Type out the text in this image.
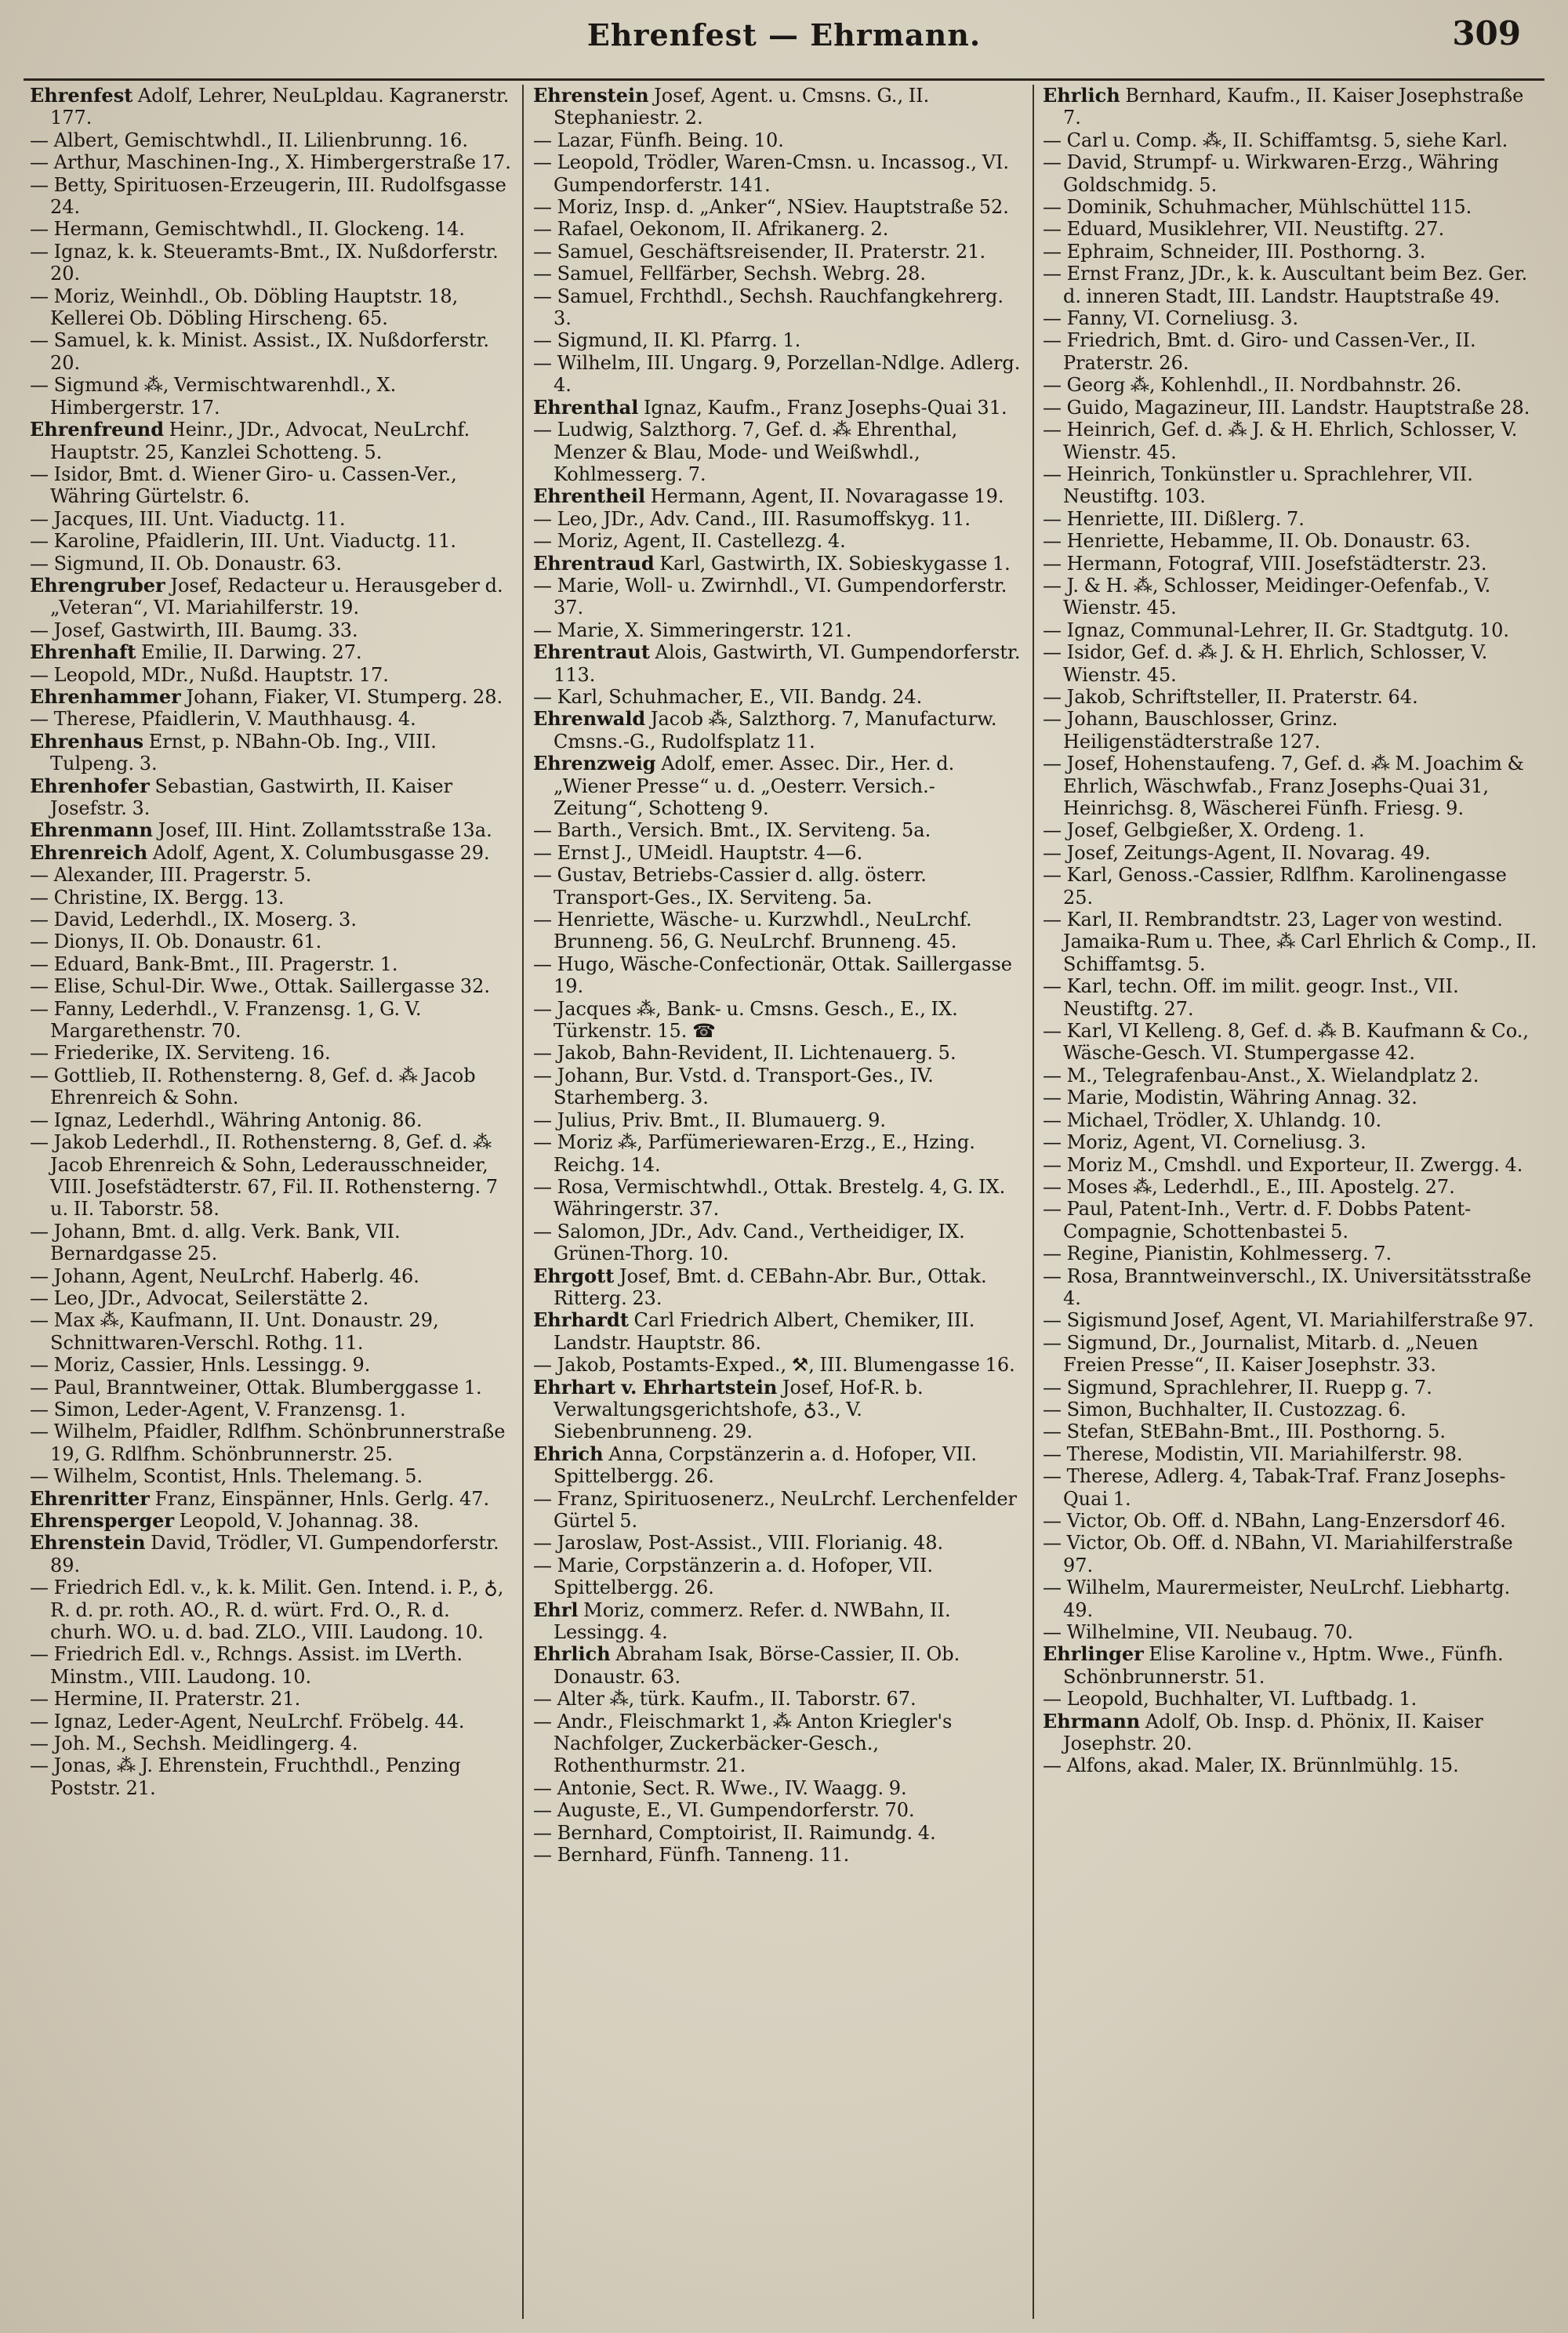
Ehrenfest — Ehrmann.	309

Ehrenfest Adolf, Lehrer, NeuLpldau. Kagranerstr. 177.

— Albert, Gemischtwhdl., II. Lilienbrunng. 16.

— Arthur, Maschinen-Ing., X. Himbergerstraße 17.

— Betty, Spirituosen-Erzeugerin, III. Rudolfsgasse 24.

— Hermann, Gemischtwhdl., II. Glockeng. 14.

— Ignaz, k. k. Steueramts-Bmt., IX. Nußdorferstr. 20.

— Moriz, Weinhdl., Ob. Döbling Hauptstr. 18, Kellerei Ob. Döbling Hirscheng. 65.

— Samuel, k. k. Minist. Assist., IX. Nußdorferstr. 20.

— Sigmund ⁂, Vermischtwarenhdl., X. Himbergerstr. 17.

Ehrenfreund Heinr., JDr., Advocat, NeuLrchf. Hauptstr. 25, Kanzlei Schotteng. 5.

— Isidor, Bmt. d. Wiener Giro- u. Cassen-Ver., Währing Gürtelstr. 6.

— Jacques, III. Unt. Viaductg. 11.

— Karoline, Pfaidlerin, III. Unt. Viaductg. 11.

— Sigmund, II. Ob. Donaustr. 63.

Ehrengruber Josef, Redacteur u. Herausgeber d. „Veteran“, VI. Mariahilferstr. 19.

— Josef, Gastwirth, III. Baumg. 33.

Ehrenhaft Emilie, II. Darwing. 27.

— Leopold, MDr., Nußd. Hauptstr. 17.

Ehrenhammer Johann, Fiaker, VI. Stumperg. 28.

— Therese, Pfaidlerin, V. Mauthhausg. 4.

Ehrenhaus Ernst, p. NBahn-Ob. Ing., VIII. Tulpeng. 3.

Ehrenhofer Sebastian, Gastwirth, II. Kaiser Josefstr. 3.

Ehrenmann Josef, III. Hint. Zollamtsstraße 13a.

Ehrenreich Adolf, Agent, X. Columbusgasse 29.

— Alexander, III. Pragerstr. 5.

— Christine, IX. Bergg. 13.

— David, Lederhdl., IX. Moserg. 3.

— Dionys, II. Ob. Donaustr. 61.

— Eduard, Bank-Bmt., III. Pragerstr. 1.

— Elise, Schul-Dir. Wwe., Ottak. Saillergasse 32.

— Fanny, Lederhdl., V. Franzensg. 1, G. V. Margarethenstr. 70.

— Friederike, IX. Serviteng. 16.

— Gottlieb, II. Rothensterng. 8, Gef. d. ⁂ Jacob Ehrenreich & Sohn.

— Ignaz, Lederhdl., Währing Antonig. 86.

— Jakob Lederhdl., II. Rothensterng. 8, Gef. d. ⁂ Jacob Ehrenreich & Sohn, Lederausschneider, VIII. Josefstädterstr. 67, Fil. II. Rothensterng. 7 u. II. Taborstr. 58.

— Johann, Bmt. d. allg. Verk. Bank, VII. Bernardgasse 25.

— Johann, Agent, NeuLrchf. Haberlg. 46.

— Leo, JDr., Advocat, Seilerstätte 2.

— Max ⁂, Kaufmann, II. Unt. Donaustr. 29, Schnittwaren-Verschl. Rothg. 11.

— Moriz, Cassier, Hnls. Lessingg. 9.

— Paul, Branntweiner, Ottak. Blumberggasse 1.

— Simon, Leder-Agent, V. Franzensg. 1.

— Wilhelm, Pfaidler, Rdlfhm. Schönbrunnerstraße 19, G. Rdlfhm. Schönbrunnerstr. 25.

— Wilhelm, Scontist, Hnls. Thelemang. 5.

Ehrenritter Franz, Einspänner, Hnls. Gerlg. 47.

Ehrensperger Leopold, V. Johannag. 38.

Ehrenstein David, Trödler, VI. Gumpendorferstr. 89.

— Friedrich Edl. v., k. k. Milit. Gen. Intend. i. P., ♁, R. d. pr. roth. AO., R. d. würt. Frd. O., R. d. churh. WO. u. d. bad. ZLO., VIII. Laudong. 10.

— Friedrich Edl. v., Rchngs. Assist. im LVerth. Minstm., VIII. Laudong. 10.

— Hermine, II. Praterstr. 21.

— Ignaz, Leder-Agent, NeuLrchf. Fröbelg. 44.

— Joh. M., Sechsh. Meidlingerg. 4.

— Jonas, ⁂ J. Ehrenstein, Fruchthdl., Penzing Poststr. 21.

Ehrenstein Josef, Agent. u. Cmsns. G., II. Stephaniestr. 2.

— Lazar, Fünfh. Being. 10.

— Leopold, Trödler, Waren-Cmsn. u. Incassog., VI. Gumpendorferstr. 141.

— Moriz, Insp. d. „Anker“, NSiev. Hauptstraße 52.

— Rafael, Oekonom, II. Afrikanerg. 2.

— Samuel, Geschäftsreisender, II. Praterstr. 21.

— Samuel, Fellfärber, Sechsh. Webrg. 28.

— Samuel, Frchthdl., Sechsh. Rauchfangkehrerg. 3.

— Sigmund, II. Kl. Pfarrg. 1.

— Wilhelm, III. Ungarg. 9, Porzellan-Ndlge. Adlerg. 4.

Ehrenthal Ignaz, Kaufm., Franz Josephs-Quai 31.

— Ludwig, Salzthorg. 7, Gef. d. ⁂ Ehrenthal, Menzer & Blau, Mode- und Weißwhdl., Kohlmesserg. 7.

Ehrentheil Hermann, Agent, II. Novaragasse 19.

— Leo, JDr., Adv. Cand., III. Rasumoffskyg. 11.

— Moriz, Agent, II. Castellezg. 4.

Ehrentraud Karl, Gastwirth, IX. Sobieskygasse 1.

— Marie, Woll- u. Zwirnhdl., VI. Gumpendorferstr. 37.

— Marie, X. Simmeringerstr. 121.

Ehrentraut Alois, Gastwirth, VI. Gumpendorferstr. 113.

— Karl, Schuhmacher, E., VII. Bandg. 24.

Ehrenwald Jacob ⁂, Salzthorg. 7, Manufacturw. Cmsns.-G., Rudolfsplatz 11.

Ehrenzweig Adolf, emer. Assec. Dir., Her. d. „Wiener Presse“ u. d. „Oesterr. Versich.-Zeitung“, Schotteng 9.

— Barth., Versich. Bmt., IX. Serviteng. 5a.

— Ernst J., UMeidl. Hauptstr. 4—6.

— Gustav, Betriebs-Cassier d. allg. österr. Transport-Ges., IX. Serviteng. 5a.

— Henriette, Wäsche- u. Kurzwhdl., NeuLrchf. Brunneng. 56, G. NeuLrchf. Brunneng. 45.

— Hugo, Wäsche-Confectionär, Ottak. Saillergasse 19.

— Jacques ⁂, Bank- u. Cmsns. Gesch., E., IX. Türkenstr. 15. ☎

— Jakob, Bahn-Revident, II. Lichtenauerg. 5.

— Johann, Bur. Vstd. d. Transport-Ges., IV. Starhemberg. 3.

— Julius, Priv. Bmt., II. Blumauerg. 9.

— Moriz ⁂, Parfümeriewaren-Erzg., E., Hzing. Reichg. 14.

— Rosa, Vermischtwhdl., Ottak. Brestelg. 4, G. IX. Währingerstr. 37.

— Salomon, JDr., Adv. Cand., Vertheidiger, IX. Grünen-Thorg. 10.

Ehrgott Josef, Bmt. d. CEBahn-Abr. Bur., Ottak. Ritterg. 23.

Ehrhardt Carl Friedrich Albert, Chemiker, III. Landstr. Hauptstr. 86.

— Jakob, Postamts-Exped., ⚒, III. Blumengasse 16.

Ehrhart v. Ehrhartstein Josef, Hof-R. b. Verwaltungsgerichtshofe, ♁3., V. Siebenbrunneng. 29.

Ehrich Anna, Corpstänzerin a. d. Hofoper, VII. Spittelbergg. 26.

— Franz, Spirituosenerz., NeuLrchf. Lerchenfelder Gürtel 5.

— Jaroslaw, Post-Assist., VIII. Florianig. 48.

— Marie, Corpstänzerin a. d. Hofoper, VII. Spittelbergg. 26.

Ehrl Moriz, commerz. Refer. d. NWBahn, II. Lessingg. 4.

Ehrlich Abraham Isak, Börse-Cassier, II. Ob. Donaustr. 63.

— Alter ⁂, türk. Kaufm., II. Taborstr. 67.

— Andr., Fleischmarkt 1, ⁂ Anton Kriegler's Nachfolger, Zuckerbäcker-Gesch., Rothenthurmstr. 21.

— Antonie, Sect. R. Wwe., IV. Waagg. 9.

— Auguste, E., VI. Gumpendorferstr. 70.

— Bernhard, Comptoirist, II. Raimundg. 4.

— Bernhard, Fünfh. Tanneng. 11.

Ehrlich Bernhard, Kaufm., II. Kaiser Josephstraße 7.

— Carl u. Comp. ⁂, II. Schiffamtsg. 5, siehe Karl.

— David, Strumpf- u. Wirkwaren-Erzg., Währing Goldschmidg. 5.

— Dominik, Schuhmacher, Mühlschüttel 115.

— Eduard, Musiklehrer, VII. Neustiftg. 27.

— Ephraim, Schneider, III. Posthorng. 3.

— Ernst Franz, JDr., k. k. Auscultant beim Bez. Ger. d. inneren Stadt, III. Landstr. Hauptstraße 49.

— Fanny, VI. Corneliusg. 3.

— Friedrich, Bmt. d. Giro- und Cassen-Ver., II. Praterstr. 26.

— Georg ⁂, Kohlenhdl., II. Nordbahnstr. 26.

— Guido, Magazineur, III. Landstr. Hauptstraße 28.

— Heinrich, Gef. d. ⁂ J. & H. Ehrlich, Schlosser, V. Wienstr. 45.

— Heinrich, Tonkünstler u. Sprachlehrer, VII. Neustiftg. 103.

— Henriette, III. Dißlerg. 7.

— Henriette, Hebamme, II. Ob. Donaustr. 63.

— Hermann, Fotograf, VIII. Josefstädterstr. 23.

— J. & H. ⁂, Schlosser, Meidinger-Oefenfab., V. Wienstr. 45.

— Ignaz, Communal-Lehrer, II. Gr. Stadtgutg. 10.

— Isidor, Gef. d. ⁂ J. & H. Ehrlich, Schlosser, V. Wienstr. 45.

— Jakob, Schriftsteller, II. Praterstr. 64.

— Johann, Bauschlosser, Grinz. Heiligenstädterstraße 127.

— Josef, Hohenstaufeng. 7, Gef. d. ⁂ M. Joachim & Ehrlich, Wäschwfab., Franz Josephs-Quai 31, Heinrichsg. 8, Wäscherei Fünfh. Friesg. 9.

— Josef, Gelbgießer, X. Ordeng. 1.

— Josef, Zeitungs-Agent, II. Novarag. 49.

— Karl, Genoss.-Cassier, Rdlfhm. Karolinengasse 25.

— Karl, II. Rembrandtstr. 23, Lager von westind. Jamaika-Rum u. Thee, ⁂ Carl Ehrlich & Comp., II. Schiffamtsg. 5.

— Karl, techn. Off. im milit. geogr. Inst., VII. Neustiftg. 27.

— Karl, VI Kelleng. 8, Gef. d. ⁂ B. Kaufmann & Co., Wäsche-Gesch. VI. Stumpergasse 42.

— M., Telegrafenbau-Anst., X. Wielandplatz 2.

— Marie, Modistin, Währing Annag. 32.

— Michael, Trödler, X. Uhlandg. 10.

— Moriz, Agent, VI. Corneliusg. 3.

— Moriz M., Cmshdl. und Exporteur, II. Zwergg. 4.

— Moses ⁂, Lederhdl., E., III. Apostelg. 27.

— Paul, Patent-Inh., Vertr. d. F. Dobbs Patent-Compagnie, Schottenbastei 5.

— Regine, Pianistin, Kohlmesserg. 7.

— Rosa, Branntweinverschl., IX. Universitätsstraße 4.

— Sigismund Josef, Agent, VI. Mariahilferstraße 97.

— Sigmund, Dr., Journalist, Mitarb. d. „Neuen Freien Presse“, II. Kaiser Josephstr. 33.

— Sigmund, Sprachlehrer, II. Ruepp g. 7.

— Simon, Buchhalter, II. Custozzag. 6.

— Stefan, StEBahn-Bmt., III. Posthorng. 5.

— Therese, Modistin, VII. Mariahilferstr. 98.

— Therese, Adlerg. 4, Tabak-Traf. Franz Josephs-Quai 1.

— Victor, Ob. Off. d. NBahn, Lang-Enzersdorf 46.

— Victor, Ob. Off. d. NBahn, VI. Mariahilferstraße 97.

— Wilhelm, Maurermeister, NeuLrchf. Liebhartg. 49.

— Wilhelmine, VII. Neubaug. 70.

Ehrlinger Elise Karoline v., Hptm. Wwe., Fünfh. Schönbrunnerstr. 51.

— Leopold, Buchhalter, VI. Luftbadg. 1.

Ehrmann Adolf, Ob. Insp. d. Phönix, II. Kaiser Josephstr. 20.

— Alfons, akad. Maler, IX. Brünnlmühlg. 15.
